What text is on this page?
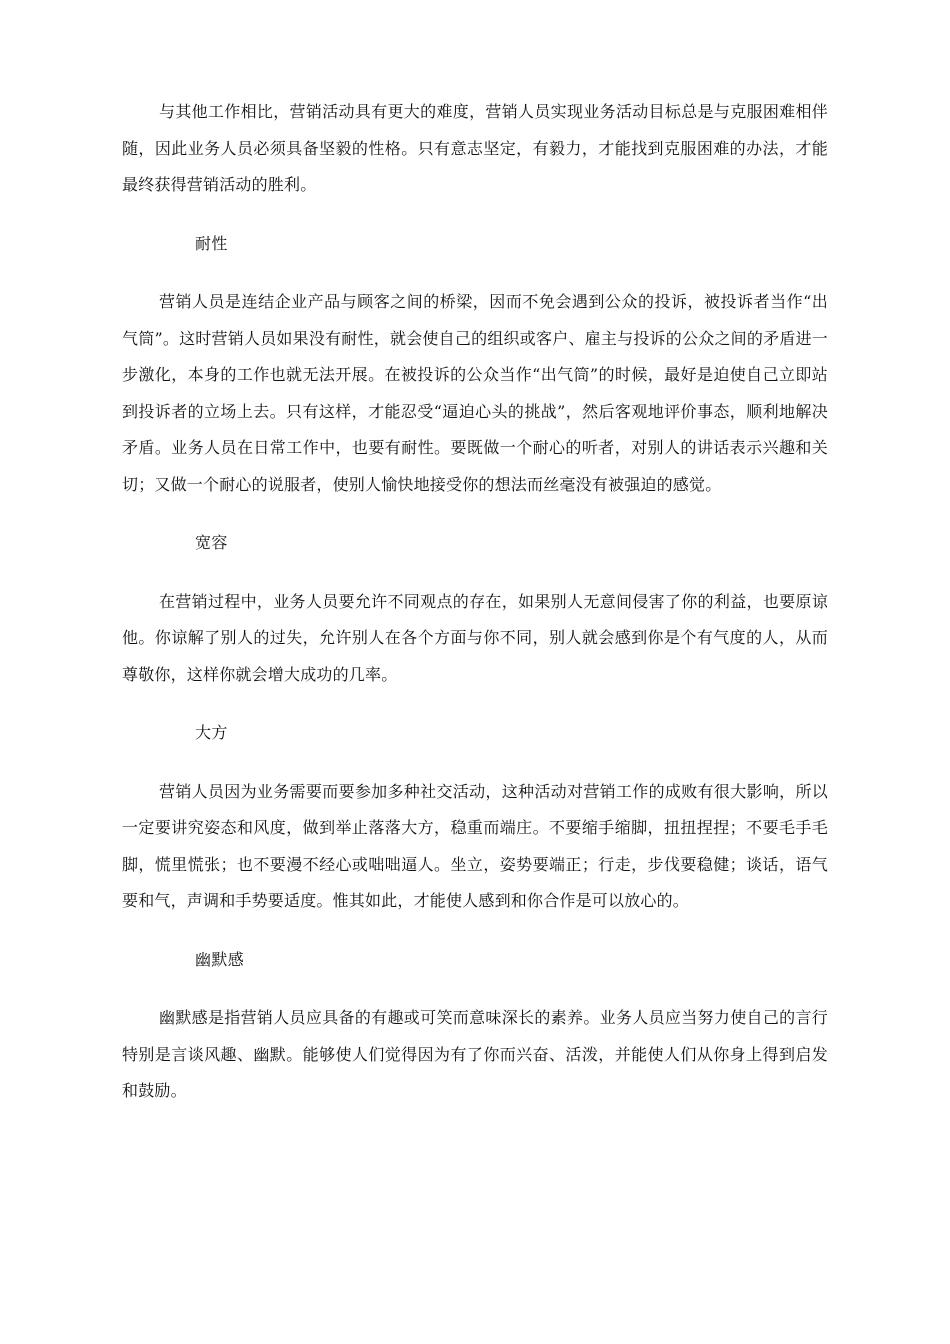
与其他工作相比，营销活动具有更大的难度，营销人员实现业务活动目标总是与克服困难相伴随，因此业务人员必须具备坚毅的性格。只有意志坚定，有毅力，才能找到克服困难的办法，才能最终获得营销活动的胜利。

耐性

营销人员是连结企业产品与顾客之间的桥梁，因而不免会遇到公众的投诉，被投诉者当作“出气筒”。这时营销人员如果没有耐性，就会使自己的组织或客户、雇主与投诉的公众之间的矛盾进一步激化，本身的工作也就无法开展。在被投诉的公众当作“出气筒”的时候，最好是迫使自己立即站到投诉者的立场上去。只有这样，才能忍受“逼迫心头的挑战”，然后客观地评价事态，顺利地解决矛盾。业务人员在日常工作中，也要有耐性。要既做一个耐心的听者，对别人的讲话表示兴趣和关切；又做一个耐心的说服者，使别人愉快地接受你的想法而丝毫没有被强迫的感觉。

宽容

在营销过程中，业务人员要允许不同观点的存在，如果别人无意间侵害了你的利益，也要原谅他。你谅解了别人的过失，允许别人在各个方面与你不同，别人就会感到你是个有气度的人，从而尊敬你，这样你就会增大成功的几率。

大方

营销人员因为业务需要而要参加多种社交活动，这种活动对营销工作的成败有很大影响，所以一定要讲究姿态和风度，做到举止落落大方，稳重而端庄。不要缩手缩脚，扭扭捏捏；不要毛手毛脚，慌里慌张；也不要漫不经心或咄咄逼人。坐立，姿势要端正；行走，步伐要稳健；谈话，语气要和气，声调和手势要适度。惟其如此，才能使人感到和你合作是可以放心的。

幽默感

幽默感是指营销人员应具备的有趣或可笑而意味深长的素养。业务人员应当努力使自己的言行特别是言谈风趣、幽默。能够使人们觉得因为有了你而兴奋、活泼，并能使人们从你身上得到启发和鼓励。
